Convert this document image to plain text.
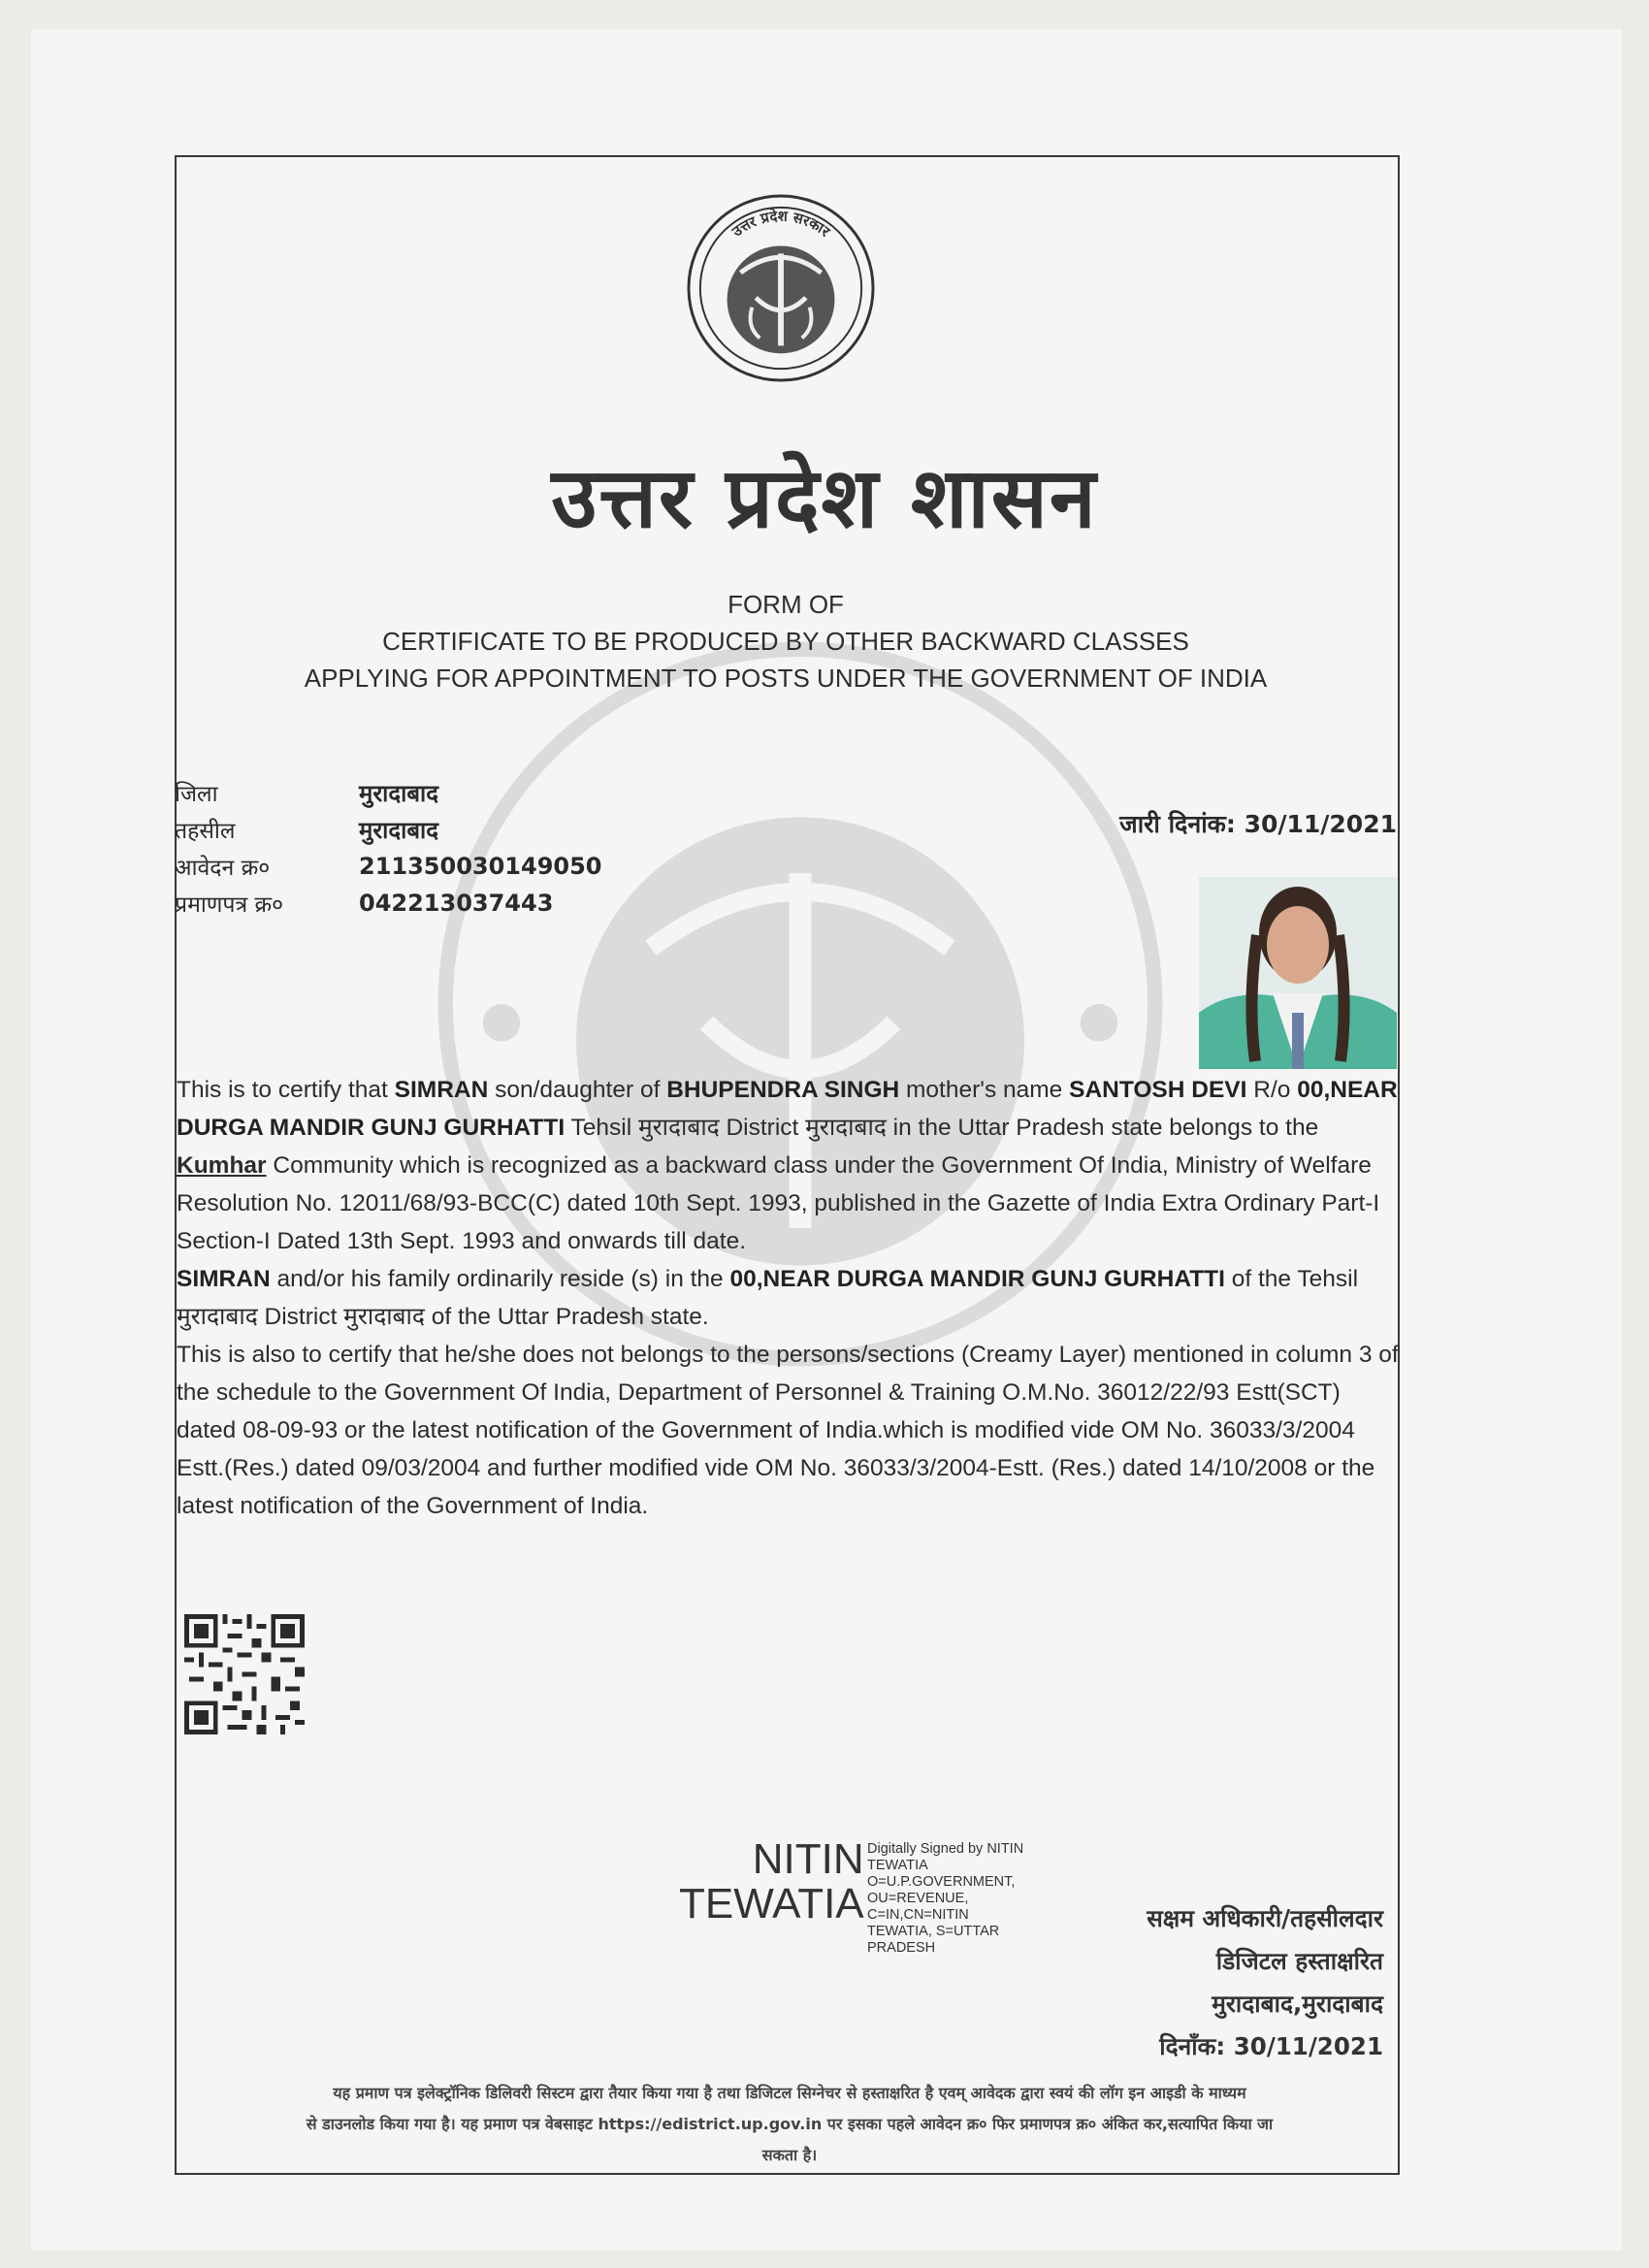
उत्तर प्रदेश सरकार
उत्तर प्रदेश शासन
FORM OF
CERTIFICATE TO BE PRODUCED BY OTHER BACKWARD CLASSES
APPLYING FOR APPOINTMENT TO POSTS UNDER THE GOVERNMENT OF INDIA
जिला	मुरादाबाद
तहसील	मुरादाबाद
आवेदन क्र०	211350030149050
प्रमाणपत्र क्र०	042213037443
जारी दिनांक: 30/11/2021

This is to certify that SIMRAN son/daughter of BHUPENDRA SINGH mother's name SANTOSH DEVI R/o 00,NEAR DURGA MANDIR GUNJ GURHATTI Tehsil मुरादाबाद District मुरादाबाद in the Uttar Pradesh state belongs to the Kumhar Community which is recognized as a backward class under the Government Of India, Ministry of Welfare Resolution No. 12011/68/93-BCC(C) dated 10th Sept. 1993, published in the Gazette of India Extra Ordinary Part-I Section-I Dated 13th Sept. 1993 and onwards till date.

SIMRAN and/or his family ordinarily reside (s) in the 00,NEAR DURGA MANDIR GUNJ GURHATTI of the Tehsil मुरादाबाद District मुरादाबाद of the Uttar Pradesh state.

This is also to certify that he/she does not belongs to the persons/sections (Creamy Layer) mentioned in column 3 of the schedule to the Government Of India, Department of Personnel & Training O.M.No. 36012/22/93 Estt(SCT) dated 08-09-93 or the latest notification of the Government of India.which is modified vide OM No. 36033/3/2004 Estt.(Res.) dated 09/03/2004 and further modified vide OM No. 36033/3/2004-Estt. (Res.) dated 14/10/2008 or the latest notification of the Government of India.

NITIN
TEWATIA
Digitally Signed by NITIN
TEWATIA
O=U.P.GOVERNMENT,
OU=REVENUE,
C=IN,CN=NITIN
TEWATIA, S=UTTAR
PRADESH
सक्षम अधिकारी/तहसीलदार
डिजिटल हस्ताक्षरित
मुरादाबाद,मुरादाबाद
दिनाँक: 30/11/2021
यह प्रमाण पत्र इलेक्ट्रॉनिक डिलिवरी सिस्टम द्वारा तैयार किया गया है तथा डिजिटल सिग्नेचर से हस्ताक्षरित है एवम् आवेदक द्वारा स्वयं की लॉग इन आइडी के माध्यम
से डाउनलोड किया गया है। यह प्रमाण पत्र वेबसाइट https://edistrict.up.gov.in पर इसका पहले आवेदन क्र० फिर प्रमाणपत्र क्र० अंकित कर,सत्यापित किया जा
सकता है।
